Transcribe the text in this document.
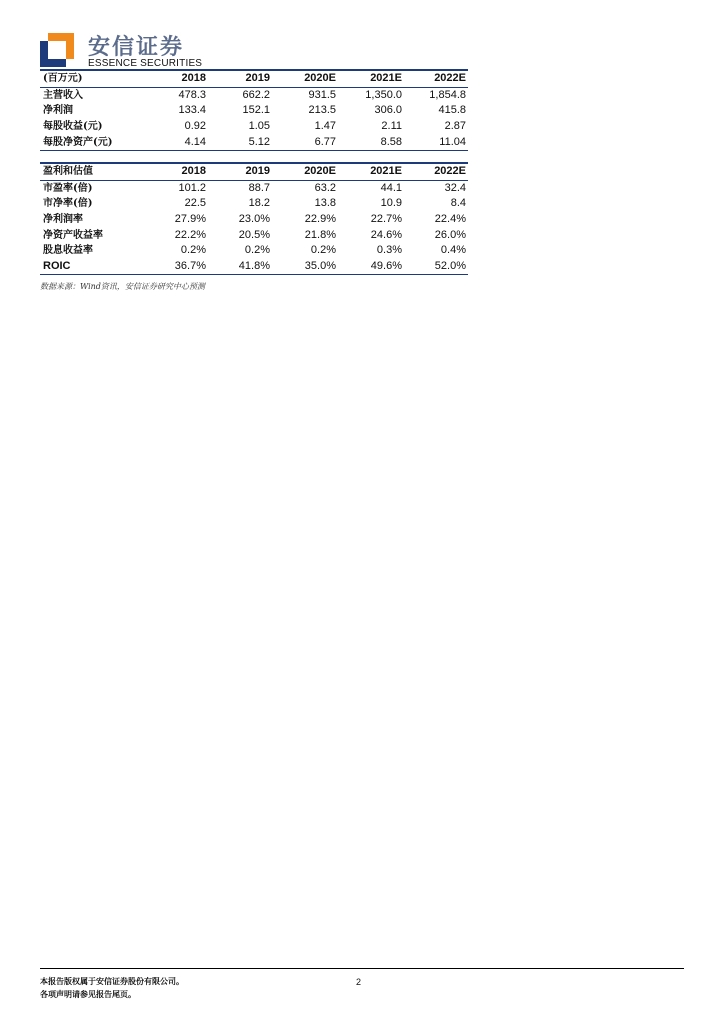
安信证券
ESSENCE SECURITIES
(百万元)	2018	2019	2020E	2021E	2022E
主营收入	478.3	662.2	931.5	1,350.0	1,854.8
净利润	133.4	152.1	213.5	306.0	415.8
每股收益(元)	0.92	1.05	1.47	2.11	2.87
每股净资产(元)	4.14	5.12	6.77	8.58	11.04
盈利和估值	2018	2019	2020E	2021E	2022E
市盈率(倍)	101.2	88.7	63.2	44.1	32.4
市净率(倍)	22.5	18.2	13.8	10.9	8.4
净利润率	27.9%	23.0%	22.9%	22.7%	22.4%
净资产收益率	22.2%	20.5%	21.8%	24.6%	26.0%
股息收益率	0.2%	0.2%	0.2%	0.3%	0.4%
ROIC	36.7%	41.8%	35.0%	49.6%	52.0%
数据来源：Wind资讯，安信证券研究中心预测
本报告版权属于安信证券股份有限公司。
各项声明请参见报告尾页。
2
